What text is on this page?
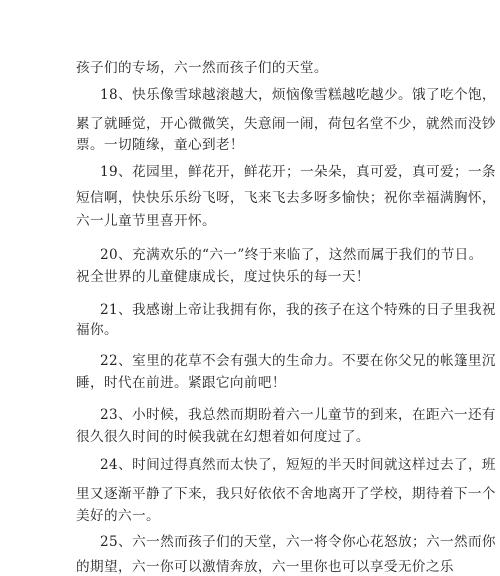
孩子们的专场，六一然而孩子们的天堂。

18、快乐像雪球越滚越大，烦恼像雪糕越吃越少。饿了吃个饱，

累了就睡觉，开心微微笑，失意闹一闹，荷包名堂不少，就然而没钞

票。一切随缘，童心到老！

19、花园里，鲜花开，鲜花开；一朵朵，真可爱，真可爱；一条

短信啊，快快乐乐纷飞呀，飞来飞去多呀多愉快；祝你幸福满胸怀，

六一儿童节里喜开怀。

20、充满欢乐的“六一”终于来临了，这然而属于我们的节日。

祝全世界的儿童健康成长，度过快乐的每一天！

21、我感谢上帝让我拥有你，我的孩子在这个特殊的日子里我祝

福你。

22、室里的花草不会有强大的生命力。不要在你父兄的帐篷里沉

睡，时代在前进。紧跟它向前吧！

23、小时候，我总然而期盼着六一儿童节的到来，在距六一还有

很久很久时间的时候我就在幻想着如何度过了。

24、时间过得真然而太快了，短短的半天时间就这样过去了，班

里又逐渐平静了下来，我只好依依不舍地离开了学校，期待着下一个

美好的六一。

25、六一然而孩子们的天堂，六一将令你心花怒放；六一然而你

的期望，六一你可以激情奔放，六一里你也可以享受无价之乐
